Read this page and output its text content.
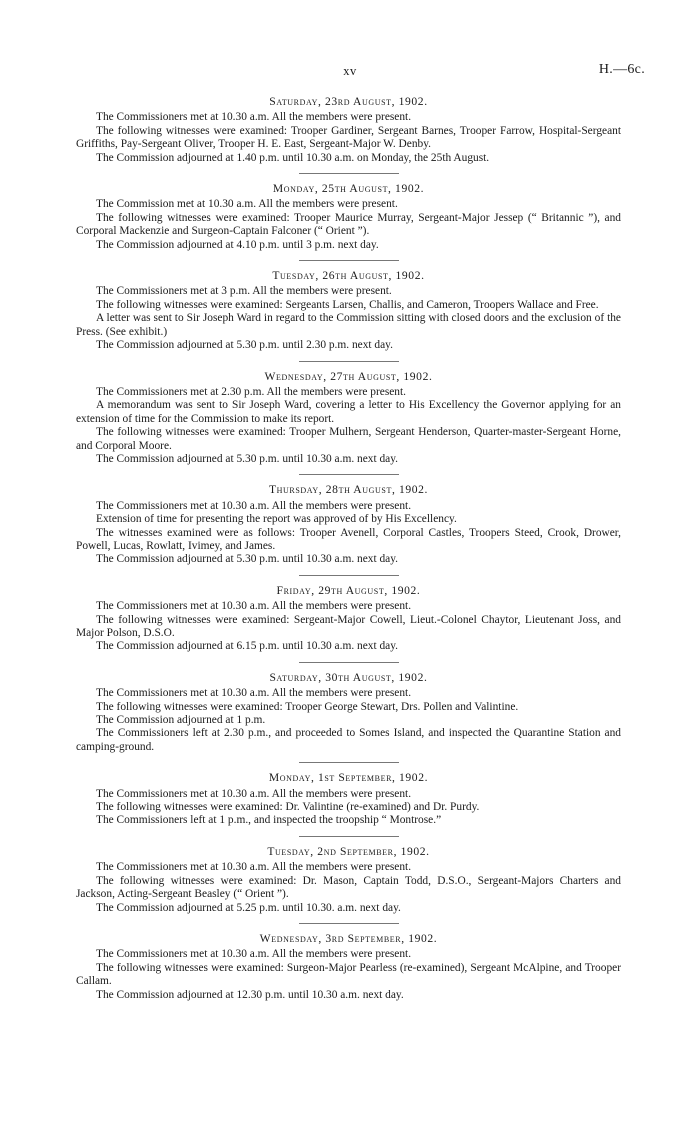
xv	H.—6c.
Saturday, 23rd August, 1902.

The Commissioners met at 10.30 a.m. All the members were present.

The following witnesses were examined: Trooper Gardiner, Sergeant Barnes, Trooper Farrow, Hospital-Sergeant Griffiths, Pay-Sergeant Oliver, Trooper H. E. East, Sergeant-Major W. Denby.

The Commission adjourned at 1.40 p.m. until 10.30 a.m. on Monday, the 25th August.

Monday, 25th August, 1902.

The Commission met at 10.30 a.m. All the members were present.

The following witnesses were examined: Trooper Maurice Murray, Sergeant-Major Jessep (“ Britannic ”), and Corporal Mackenzie and Surgeon-Captain Falconer (“ Orient ”).

The Commission adjourned at 4.10 p.m. until 3 p.m. next day.

Tuesday, 26th August, 1902.

The Commissioners met at 3 p.m. All the members were present.

The following witnesses were examined: Sergeants Larsen, Challis, and Cameron, Troopers Wallace and Free.

A letter was sent to Sir Joseph Ward in regard to the Commission sitting with closed doors and the exclusion of the Press. (See exhibit.)

The Commission adjourned at 5.30 p.m. until 2.30 p.m. next day.

Wednesday, 27th August, 1902.

The Commissioners met at 2.30 p.m. All the members were present.

A memorandum was sent to Sir Joseph Ward, covering a letter to His Excellency the Governor applying for an extension of time for the Commission to make its report.

The following witnesses were examined: Trooper Mulhern, Sergeant Henderson, Quarter-master-Sergeant Horne, and Corporal Moore.

The Commission adjourned at 5.30 p.m. until 10.30 a.m. next day.

Thursday, 28th August, 1902.

The Commissioners met at 10.30 a.m. All the members were present.

Extension of time for presenting the report was approved of by His Excellency.

The witnesses examined were as follows: Trooper Avenell, Corporal Castles, Troopers Steed, Crook, Drower, Powell, Lucas, Rowlatt, Ivimey, and James.

The Commission adjourned at 5.30 p.m. until 10.30 a.m. next day.

Friday, 29th August, 1902.

The Commissioners met at 10.30 a.m. All the members were present.

The following witnesses were examined: Sergeant-Major Cowell, Lieut.-Colonel Chaytor, Lieutenant Joss, and Major Polson, D.S.O.

The Commission adjourned at 6.15 p.m. until 10.30 a.m. next day.

Saturday, 30th August, 1902.

The Commissioners met at 10.30 a.m. All the members were present.

The following witnesses were examined: Trooper George Stewart, Drs. Pollen and Valintine.

The Commission adjourned at 1 p.m.

The Commissioners left at 2.30 p.m., and proceeded to Somes Island, and inspected the Quarantine Station and camping-ground.

Monday, 1st September, 1902.

The Commissioners met at 10.30 a.m. All the members were present.

The following witnesses were examined: Dr. Valintine (re-examined) and Dr. Purdy.

The Commissioners left at 1 p.m., and inspected the troopship “ Montrose.”

Tuesday, 2nd September, 1902.

The Commissioners met at 10.30 a.m. All the members were present.

The following witnesses were examined: Dr. Mason, Captain Todd, D.S.O., Sergeant-Majors Charters and Jackson, Acting-Sergeant Beasley (“ Orient ”).

The Commission adjourned at 5.25 p.m. until 10.30. a.m. next day.

Wednesday, 3rd September, 1902.

The Commissioners met at 10.30 a.m. All the members were present.

The following witnesses were examined: Surgeon-Major Pearless (re-examined), Sergeant McAlpine, and Trooper Callam.

The Commission adjourned at 12.30 p.m. until 10.30 a.m. next day.
